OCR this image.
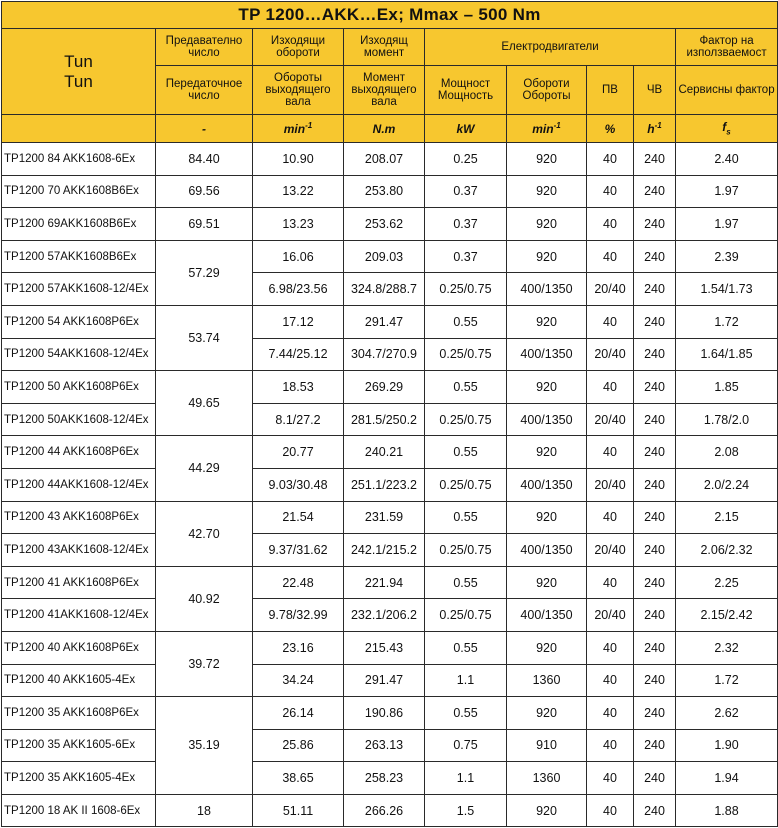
TP 1200…AKK…Ex; Mmax – 500 Nm								
Tun
Tun	Предавателно число	Изходящи обороти	Изходящ момент	Електродвигатели				Фактор на използваемост
	Передаточное число	Обороты выходящего вала	Момент выходящего вала	Мощност Мощность	Обороти Обороты	ПВ	ЧВ	Сервисны фактор
	-	$\min^{-1}$	N.m	kW	$\min^{-1}$	%	$h^{-1}$	$f_s$
TP1200 84 AKK1608-6Ex	84.40	10.90	208.07	0.25	920	40	240	2.40
TP1200 70 AKK1608B6Ex	69.56	13.22	253.80	0.37	920	40	240	1.97
TP1200 69AKK1608B6Ex	69.51	13.23	253.62	0.37	920	40	240	1.97
TP1200 57AKK1608B6Ex	57.29	16.06	209.03	0.37	920	40	240	2.39
TP1200 57AKK1608-12/4Ex		6.98/23.56	324.8/288.7	0.25/0.75	400/1350	20/40	240	1.54/1.73
TP1200 54 AKK1608P6Ex	53.74	17.12	291.47	0.55	920	40	240	1.72
TP1200 54AKK1608-12/4Ex		7.44/25.12	304.7/270.9	0.25/0.75	400/1350	20/40	240	1.64/1.85
TP1200 50 AKK1608P6Ex	49.65	18.53	269.29	0.55	920	40	240	1.85
TP1200 50AKK1608-12/4Ex		8.1/27.2	281.5/250.2	0.25/0.75	400/1350	20/40	240	1.78/2.0
TP1200 44 AKK1608P6Ex	44.29	20.77	240.21	0.55	920	40	240	2.08
TP1200 44AKK1608-12/4Ex		9.03/30.48	251.1/223.2	0.25/0.75	400/1350	20/40	240	2.0/2.24
TP1200 43 AKK1608P6Ex	42.70	21.54	231.59	0.55	920	40	240	2.15
TP1200 43AKK1608-12/4Ex		9.37/31.62	242.1/215.2	0.25/0.75	400/1350	20/40	240	2.06/2.32
TP1200 41 AKK1608P6Ex	40.92	22.48	221.94	0.55	920	40	240	2.25
TP1200 41AKK1608-12/4Ex		9.78/32.99	232.1/206.2	0.25/0.75	400/1350	20/40	240	2.15/2.42
TP1200 40 AKK1608P6Ex	39.72	23.16	215.43	0.55	920	40	240	2.32
TP1200 40 AKK1605-4Ex		34.24	291.47	1.1	1360	40	240	1.72
TP1200 35 AKK1608P6Ex	35.19	26.14	190.86	0.55	920	40	240	2.62
TP1200 35 AKK1605-6Ex		25.86	263.13	0.75	910	40	240	1.90
TP1200 35 AKK1605-4Ex		38.65	258.23	1.1	1360	40	240	1.94
TP1200 18 AK II 1608-6Ex	18	51.11	266.26	1.5	920	40	240	1.88
